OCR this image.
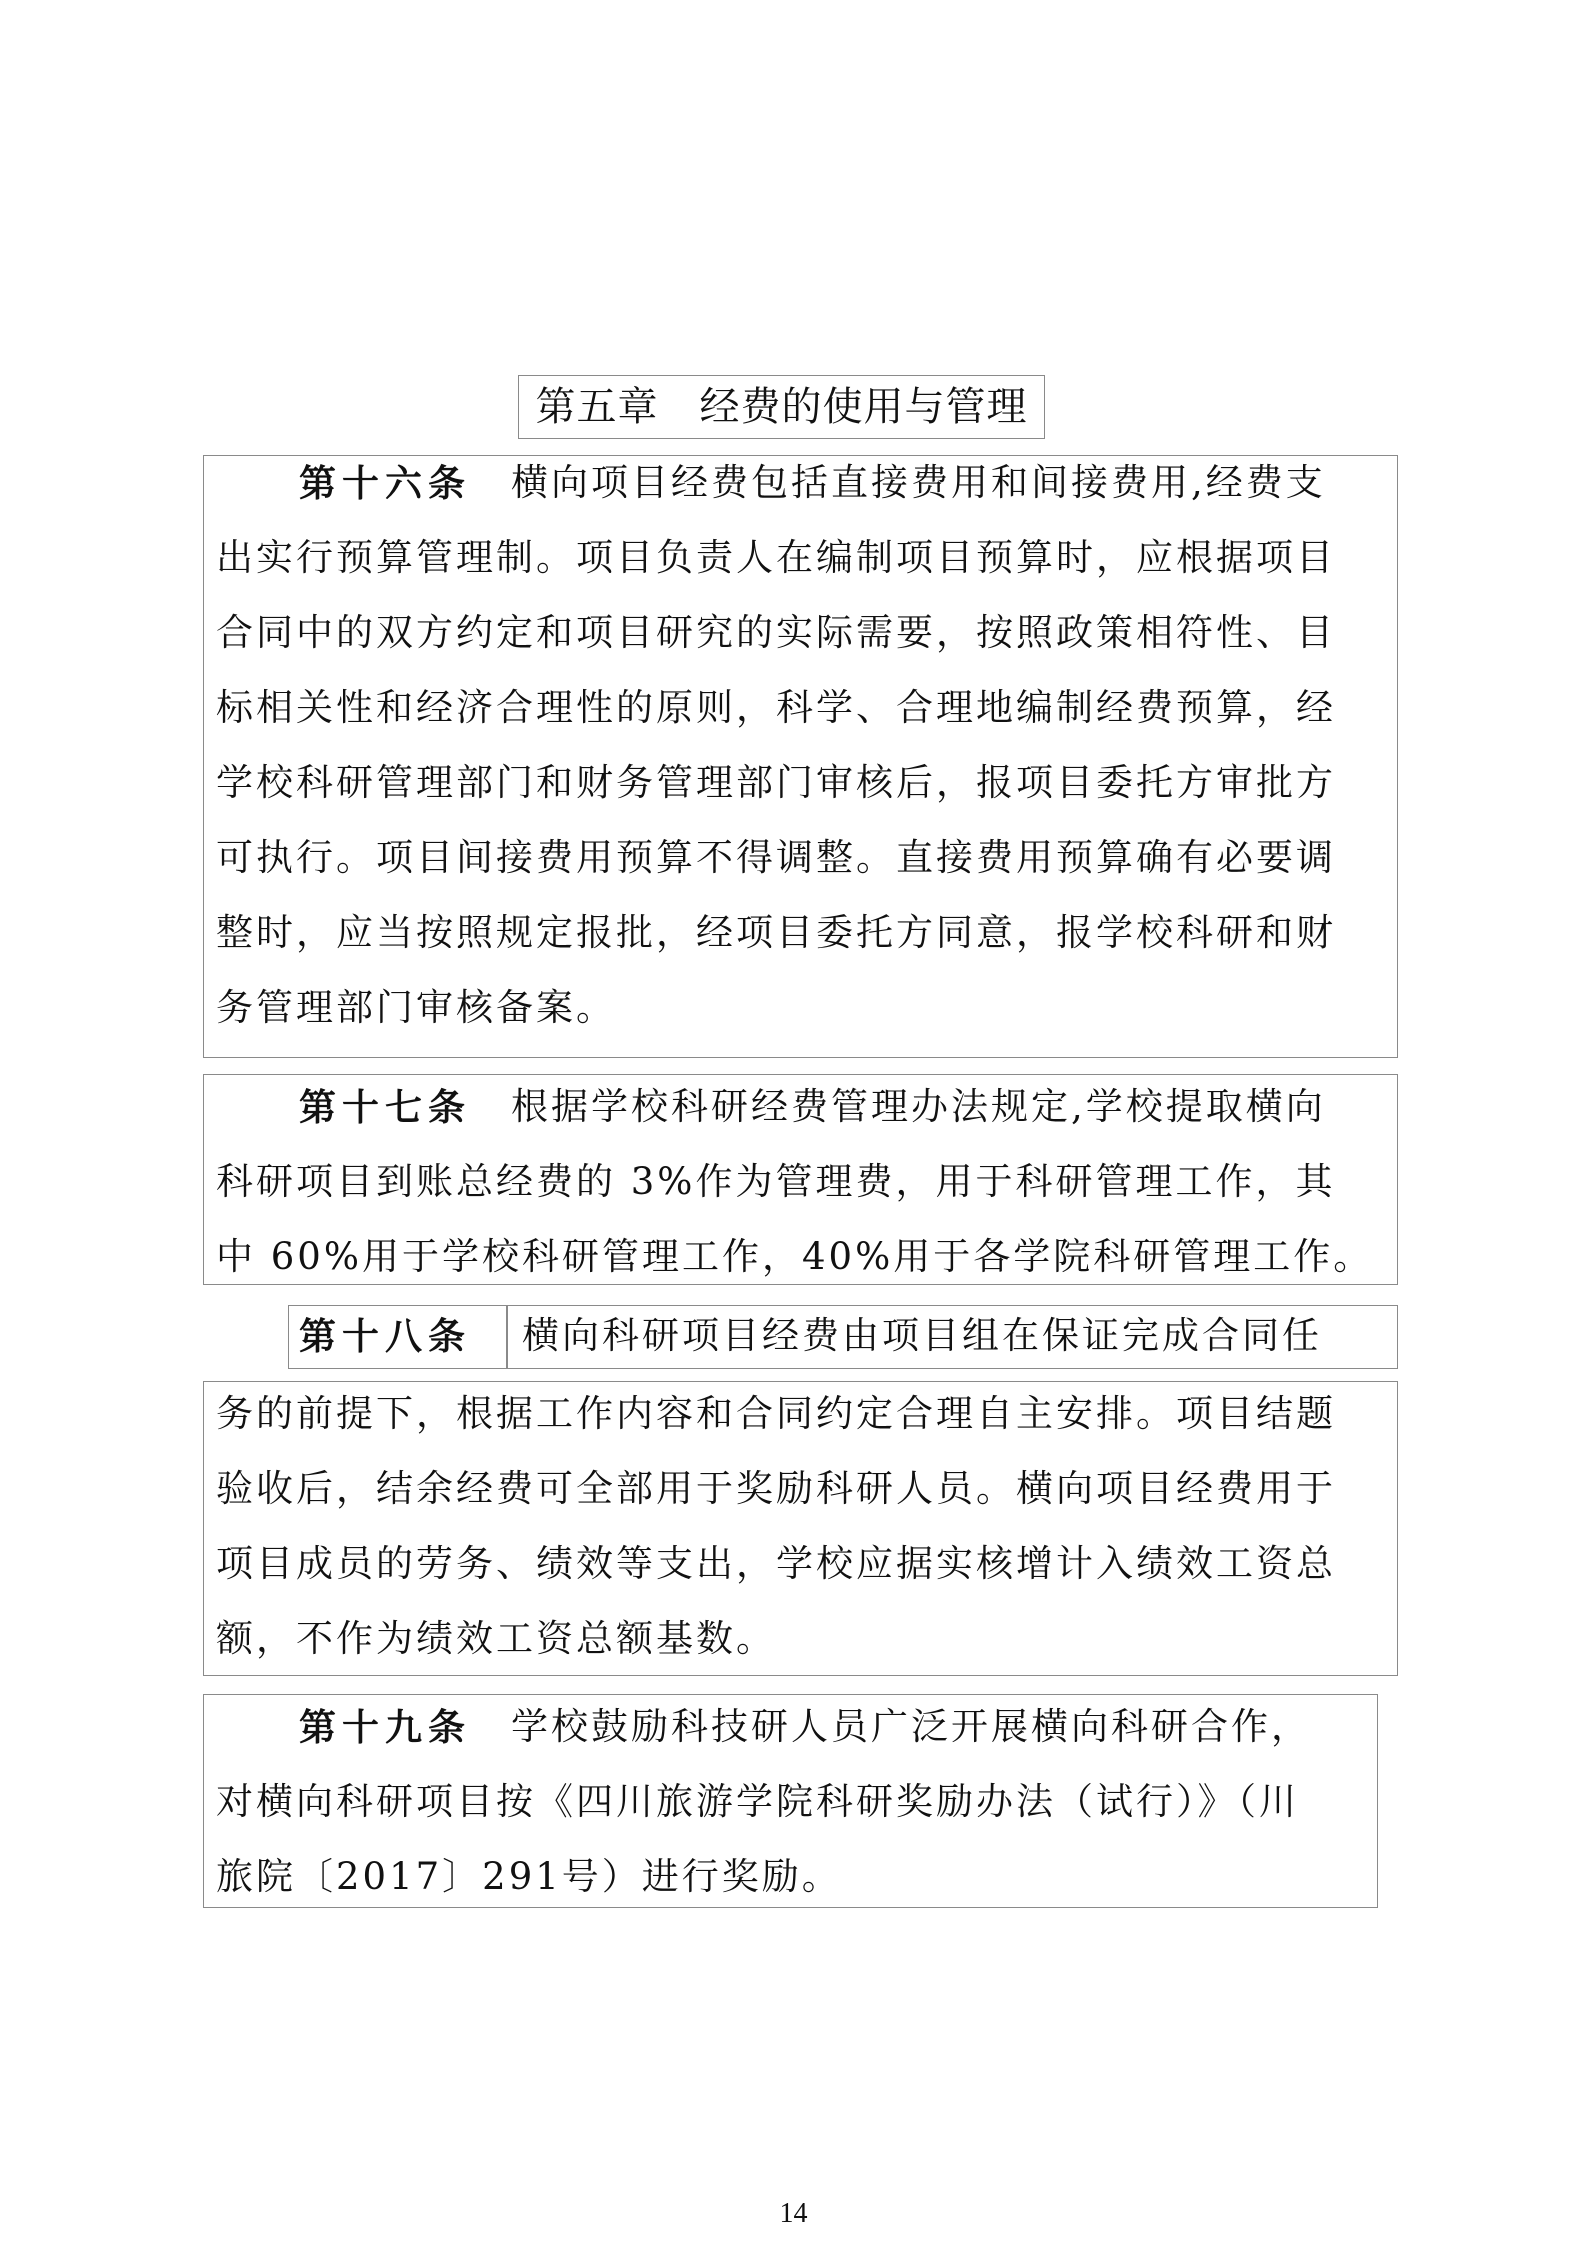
第五章　经费的使用与管理
第十六条 横向项目经费包括直接费用和间接费用,经费支
出实行预算管理制。项目负责人在编制项目预算时，应根据项目
合同中的双方约定和项目研究的实际需要，按照政策相符性、目
标相关性和经济合理性的原则，科学、合理地编制经费预算，经
学校科研管理部门和财务管理部门审核后，报项目委托方审批方
可执行。项目间接费用预算不得调整。直接费用预算确有必要调
整时，应当按照规定报批，经项目委托方同意，报学校科研和财
务管理部门审核备案。
第十七条 根据学校科研经费管理办法规定,学校提取横向
科研项目到账总经费的 3%作为管理费，用于科研管理工作，其
中 60%用于学校科研管理工作，40%用于各学院科研管理工作。
第十八条 横向科研项目经费由项目组在保证完成合同任
务的前提下，根据工作内容和合同约定合理自主安排。项目结题
验收后，结余经费可全部用于奖励科研人员。横向项目经费用于
项目成员的劳务、绩效等支出，学校应据实核增计入绩效工资总
额，不作为绩效工资总额基数。
第十九条 学校鼓励科技研人员广泛开展横向科研合作，
对横向科研项目按《四川旅游学院科研奖励办法（试行）》（川
旅院〔2017〕291号）进行奖励。
14
